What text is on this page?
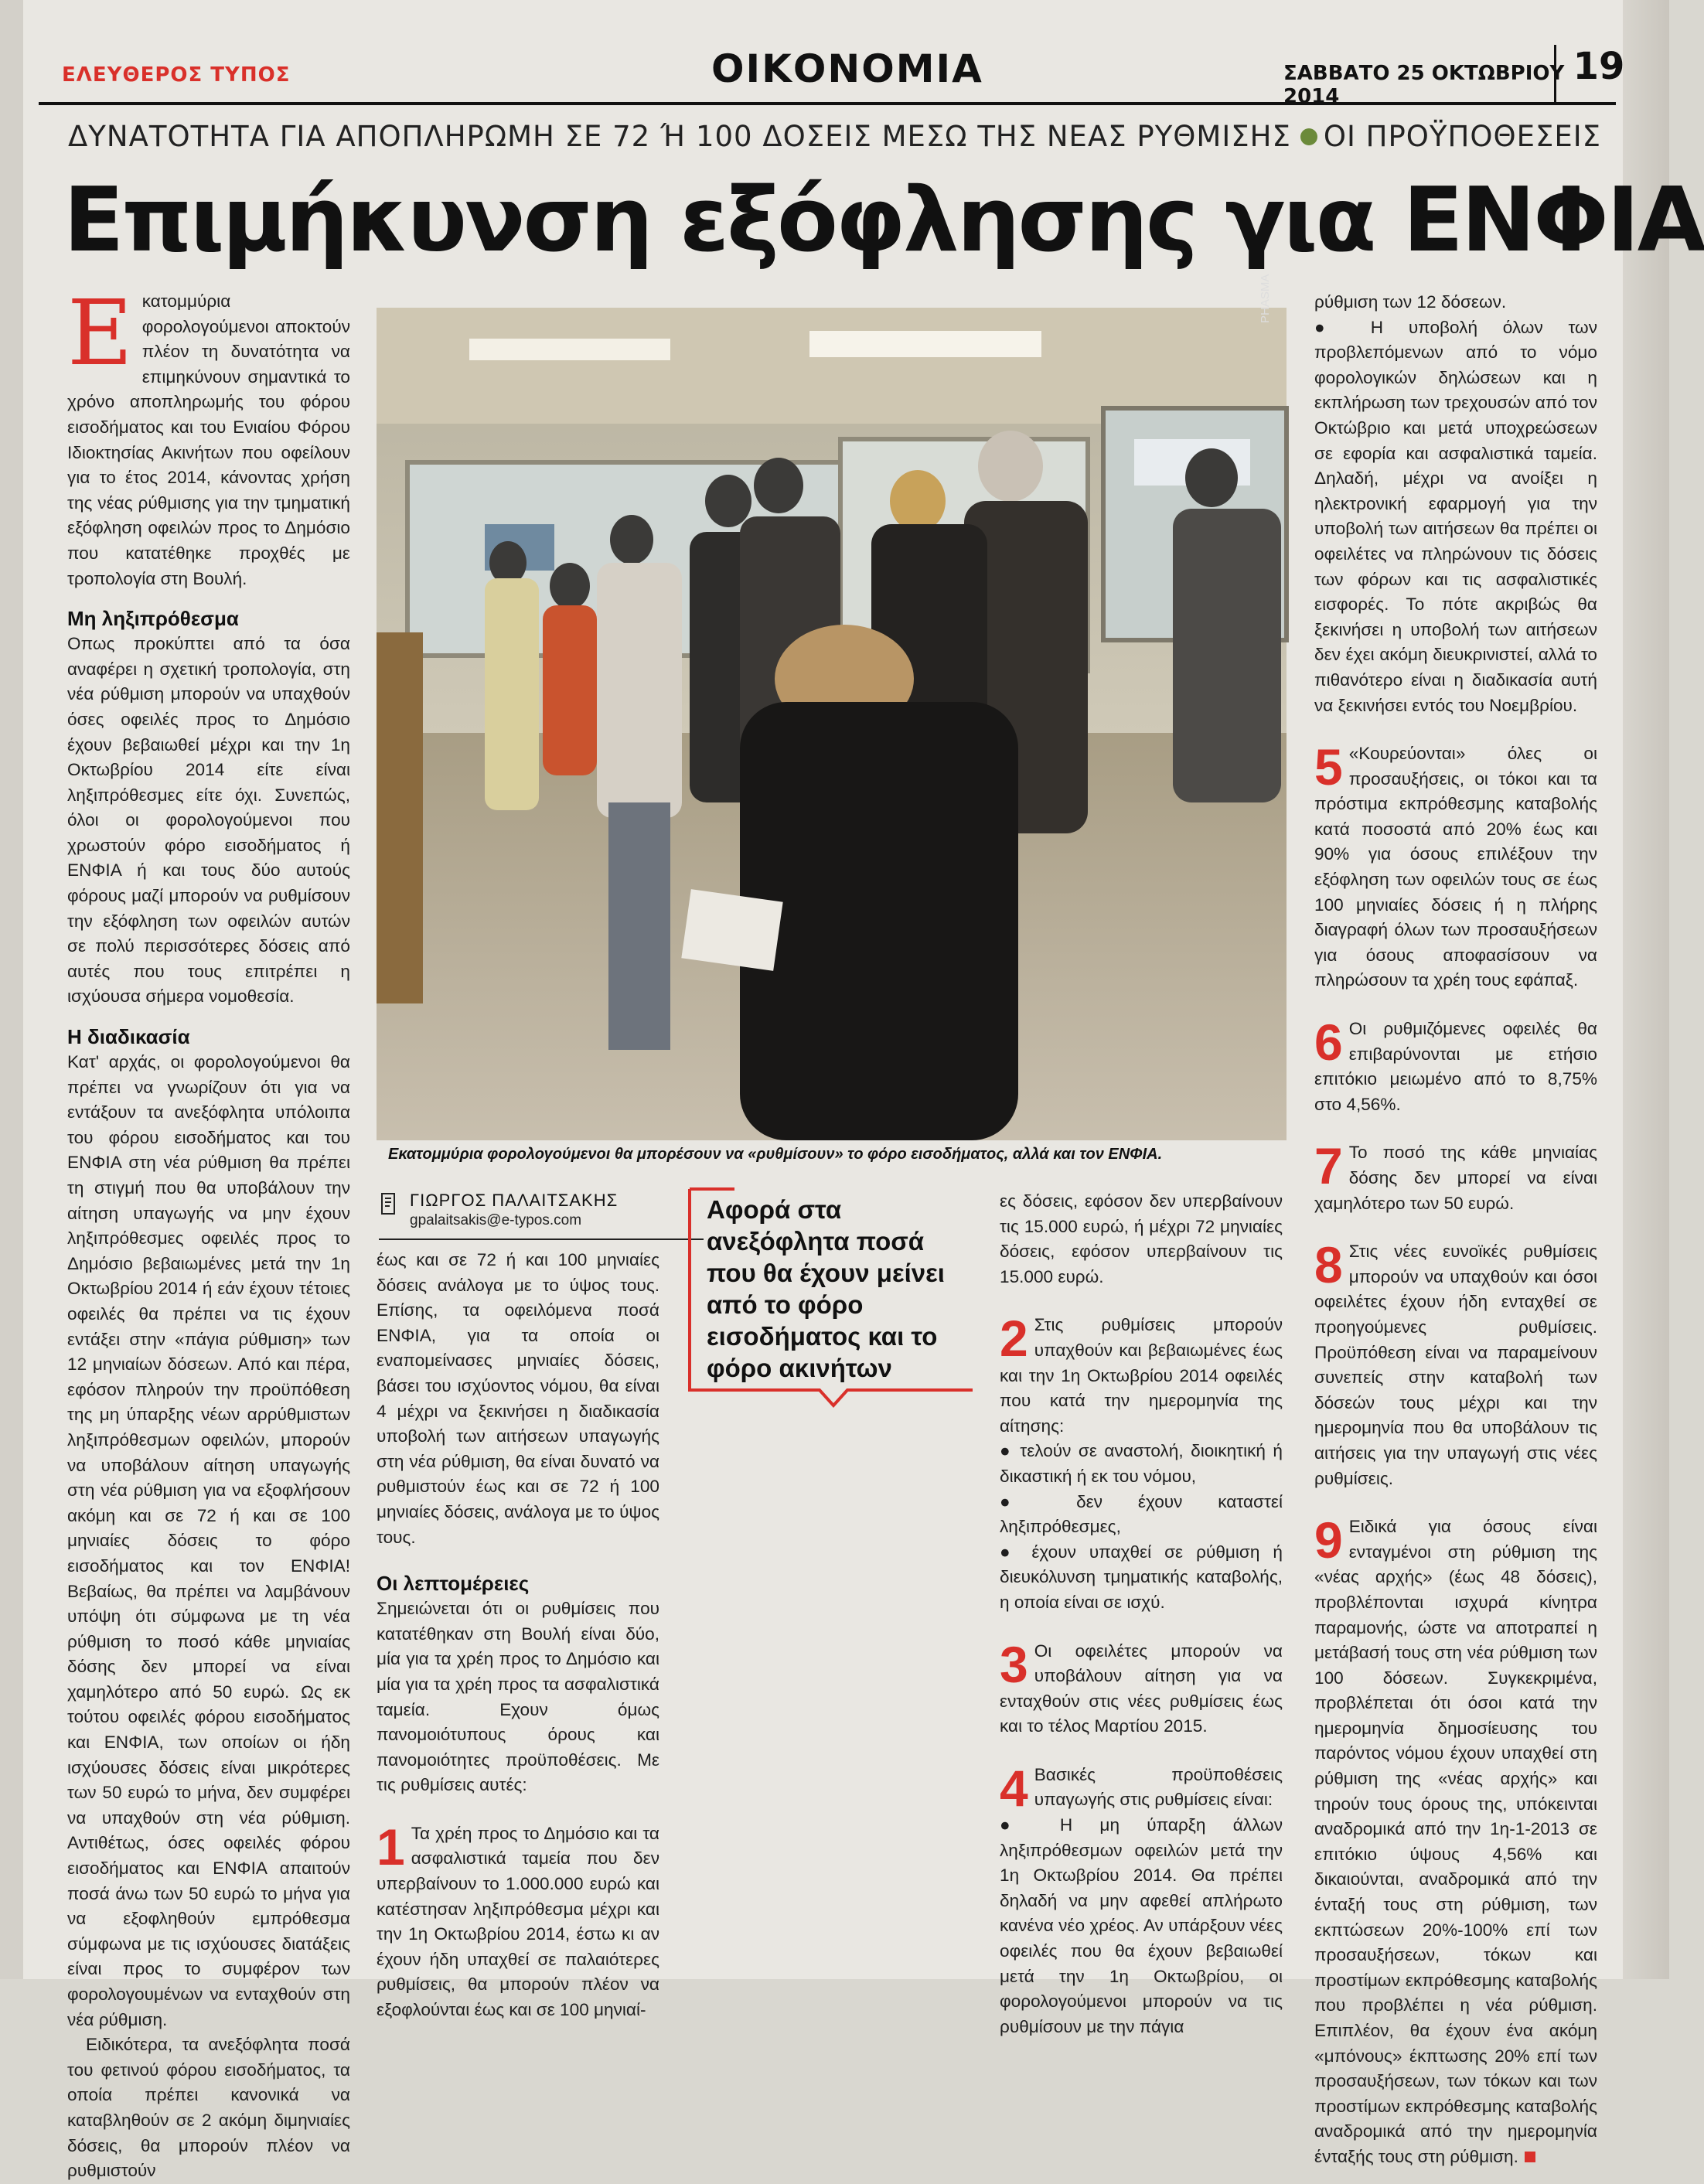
ΕΛΕΥΘΕΡΟΣ ΤΥΠΟΣ	ΟΙΚΟΝΟΜΙΑ	ΣΑΒΒΑΤΟ 25 ΟΚΤΩΒΡΙΟΥ 2014
19
ΔΥΝΑΤΟΤΗΤΑ ΓΙΑ ΑΠΟΠΛΗΡΩΜΗ ΣΕ 72 Ή 100 ΔΟΣΕΙΣ ΜΕΣΩ ΤΗΣ ΝΕΑΣ ΡΥΘΜΙΣΗΣ ΟΙ ΠΡΟΫΠΟΘΕΣΕΙΣ
Επιμήκυνση εξόφλησης για ΕΝΦΙΑ

Εκατομμύρια φορολογούμενοι αποκτούν πλέον τη δυνατότητα να επιμηκύνουν σημαντικά το χρόνο αποπληρωμής του φόρου εισοδήματος και του Ενιαίου Φόρου Ιδιοκτησίας Ακινήτων που οφείλουν για το έτος 2014, κάνοντας χρήση της νέας ρύθμισης για την τμηματική εξόφληση οφειλών προς το Δημόσιο που κατατέθηκε προχθές με τροπολογία στη Βουλή.

Μη ληξιπρόθεσμα

Οπως προκύπτει από τα όσα αναφέρει η σχετική τροπολογία, στη νέα ρύθμιση μπορούν να υπαχθούν όσες οφειλές προς το Δημόσιο έχουν βεβαιωθεί μέχρι και την 1η Οκτωβρίου 2014 είτε είναι ληξιπρόθεσμες είτε όχι. Συνεπώς, όλοι οι φορολογούμενοι που χρωστούν φόρο εισοδήματος ή ΕΝΦΙΑ ή και τους δύο αυτούς φόρους μαζί μπορούν να ρυθμίσουν την εξόφληση των οφειλών αυτών σε πολύ περισσότερες δόσεις από αυτές που τους επιτρέπει η ισχύουσα σήμερα νομοθεσία.

Η διαδικασία

Κατ' αρχάς, οι φορολογούμενοι θα πρέπει να γνωρίζουν ότι για να εντάξουν τα ανεξόφλητα υπόλοιπα του φόρου εισοδήματος και του ΕΝΦΙΑ στη νέα ρύθμιση θα πρέπει τη στιγμή που θα υποβάλουν την αίτηση υπαγωγής να μην έχουν ληξιπρόθεσμες οφειλές προς το Δημόσιο βεβαιωμένες μετά την 1η Οκτωβρίου 2014 ή εάν έχουν τέτοιες οφειλές θα πρέπει να τις έχουν εντάξει στην «πάγια ρύθμιση» των 12 μηνιαίων δόσεων. Από και πέρα, εφόσον πληρούν την προϋπόθεση της μη ύπαρξης νέων αρρύθμιστων ληξιπρόθεσμων οφειλών, μπορούν να υποβάλουν αίτηση υπαγωγής στη νέα ρύθμιση για να εξοφλήσουν ακόμη και σε 72 ή και σε 100 μηνιαίες δόσεις το φόρο εισοδήματος και τον ΕΝΦΙΑ! Βεβαίως, θα πρέπει να λαμβάνουν υπόψη ότι σύμφωνα με τη νέα ρύθμιση το ποσό κάθε μηνιαίας δόσης δεν μπορεί να είναι χαμηλότερο από 50 ευρώ. Ως εκ τούτου οφειλές φόρου εισοδήματος και ΕΝΦΙΑ, των οποίων οι ήδη ισχύουσες δόσεις είναι μικρότερες των 50 ευρώ το μήνα, δεν συμφέρει να υπαχθούν στη νέα ρύθμιση. Αντιθέτως, όσες οφειλές φόρου εισοδήματος και ΕΝΦΙΑ απαιτούν ποσά άνω των 50 ευρώ το μήνα για να εξοφληθούν εμπρόθεσμα σύμφωνα με τις ισχύουσες διατάξεις είναι προς το συμφέρον των φορολογουμένων να ενταχθούν στη νέα ρύθμιση.

Ειδικότερα, τα ανεξόφλητα ποσά του φετινού φόρου εισοδήματος, τα οποία πρέπει κανονικά να καταβληθούν σε 2 ακόμη διμηνιαίες δόσεις, θα μπορούν πλέον να ρυθμιστούν

PHASMA
Εκατομμύρια φορολογούμενοι θα μπορέσουν να «ρυθμίσουν» το φόρο εισοδήματος, αλλά και τον ΕΝΦΙΑ.
ΓΙΩΡΓΟΣ ΠΑΛΑΙΤΣΑΚΗΣ
gpalaitsakis@e-typos.com

έως και σε 72 ή και 100 μηνιαίες δόσεις ανάλογα με το ύψος τους. Επίσης, τα οφειλόμενα ποσά ΕΝΦΙΑ, για τα οποία οι εναπομείνασες μηνιαίες δόσεις, βάσει του ισχύοντος νόμου, θα είναι 4 μέχρι να ξεκινήσει η διαδικασία υποβολή των αιτήσεων υπαγωγής στη νέα ρύθμιση, θα είναι δυνατό να ρυθμιστούν έως και σε 72 ή 100 μηνιαίες δόσεις, ανάλογα με το ύψος τους.

Οι λεπτομέρειες

Σημειώνεται ότι οι ρυθμίσεις που κατατέθηκαν στη Βουλή είναι δύο, μία για τα χρέη προς το Δημόσιο και μία για τα χρέη προς τα ασφαλιστικά ταμεία. Εχουν όμως πανομοιότυπους όρους και πανομοιότητες προϋποθέσεις. Με τις ρυθμίσεις αυτές:

1 Τα χρέη προς το Δημόσιο και τα ασφαλιστικά ταμεία που δεν υπερβαίνουν το 1.000.000 ευρώ και κατέστησαν ληξιπρόθεσμα μέχρι και την 1η Οκτωβρίου 2014, έστω κι αν έχουν ήδη υπαχθεί σε παλαιότερες ρυθμίσεις, θα μπορούν πλέον να εξοφλούνται έως και σε 100 μηνιαί-

Αφορά στα ανεξόφλητα ποσά που θα έχουν μείνει από το φόρο εισοδήματος και το φόρο ακινήτων

ες δόσεις, εφόσον δεν υπερβαίνουν τις 15.000 ευρώ, ή μέχρι 72 μηνιαίες δόσεις, εφόσον υπερβαίνουν τις 15.000 ευρώ.

2 Στις ρυθμίσεις μπορούν υπαχθούν και βεβαιωμένες έως και την 1η Οκτωβρίου 2014 οφειλές που κατά την ημερομηνία της αίτησης:

● τελούν σε αναστολή, διοικητική ή δικαστική ή εκ του νόμου,

● δεν έχουν καταστεί ληξιπρόθεσμες,

● έχουν υπαχθεί σε ρύθμιση ή διευκόλυνση τμηματικής καταβολής, η οποία είναι σε ισχύ.

3 Οι οφειλέτες μπορούν να υποβάλουν αίτηση για να ενταχθούν στις νέες ρυθμίσεις έως και το τέλος Μαρτίου 2015.

4 Βασικές προϋποθέσεις υπαγωγής στις ρυθμίσεις είναι:

● Η μη ύπαρξη άλλων ληξιπρόθεσμων οφειλών μετά την 1η Οκτωβρίου 2014. Θα πρέπει δηλαδή να μην αφεθεί απλήρωτο κανένα νέο χρέος. Αν υπάρξουν νέες οφειλές που θα έχουν βεβαιωθεί μετά την 1η Οκτωβρίου, οι φορολογούμενοι μπορούν να τις ρυθμίσουν με την πάγια

ρύθμιση των 12 δόσεων.

● Η υποβολή όλων των προβλεπόμενων από το νόμο φορολογικών δηλώσεων και η εκπλήρωση των τρεχουσών από τον Οκτώβριο και μετά υποχρεώσεων σε εφορία και ασφαλιστικά ταμεία. Δηλαδή, μέχρι να ανοίξει η ηλεκτρονική εφαρμογή για την υποβολή των αιτήσεων θα πρέπει οι οφειλέτες να πληρώνουν τις δόσεις των φόρων και τις ασφαλιστικές εισφορές. Το πότε ακριβώς θα ξεκινήσει η υποβολή των αιτήσεων δεν έχει ακόμη διευκρινιστεί, αλλά το πιθανότερο είναι η διαδικασία αυτή να ξεκινήσει εντός του Νοεμβρίου.

5 «Κουρεύονται» όλες οι προσαυξήσεις, οι τόκοι και τα πρόστιμα εκπρόθεσμης καταβολής κατά ποσοστά από 20% έως και 90% για όσους επιλέξουν την εξόφληση των οφειλών τους σε έως 100 μηνιαίες δόσεις ή η πλήρης διαγραφή όλων των προσαυξήσεων για όσους αποφασίσουν να πληρώσουν τα χρέη τους εφάπαξ.

6 Οι ρυθμιζόμενες οφειλές θα επιβαρύνονται με ετήσιο επιτόκιο μειωμένο από το 8,75% στο 4,56%.

7 Το ποσό της κάθε μηνιαίας δόσης δεν μπορεί να είναι χαμηλότερο των 50 ευρώ.

8 Στις νέες ευνοϊκές ρυθμίσεις μπορούν να υπαχθούν και όσοι οφειλέτες έχουν ήδη ενταχθεί σε προηγούμενες ρυθμίσεις. Προϋπόθεση είναι να παραμείνουν συνεπείς στην καταβολή των δόσεών τους μέχρι και την ημερομηνία που θα υποβάλουν τις αιτήσεις για την υπαγωγή στις νέες ρυθμίσεις.

9 Ειδικά για όσους είναι ενταγμένοι στη ρύθμιση της «νέας αρχής» (έως 48 δόσεις), προβλέπονται ισχυρά κίνητρα παραμονής, ώστε να αποτραπεί η μετάβασή τους στη νέα ρύθμιση των 100 δόσεων. Συγκεκριμένα, προβλέπεται ότι όσοι κατά την ημερομηνία δημοσίευσης του παρόντος νόμου έχουν υπαχθεί στη ρύθμιση της «νέας αρχής» και τηρούν τους όρους της, υπόκεινται αναδρομικά από την 1η-1-2013 σε επιτόκιο ύψους 4,56% και δικαιούνται, αναδρομικά από την ένταξή τους στη ρύθμιση, των εκπτώσεων 20%-100% επί των προσαυξήσεων, τόκων και προστίμων εκπρόθεσμης καταβολής που προβλέπει η νέα ρύθμιση. Επιπλέον, θα έχουν ένα ακόμη «μπόνους» έκπτωσης 20% επί των προσαυξήσεων, των τόκων και των προστίμων εκπρόθεσμης καταβολής αναδρομικά από την ημερομηνία ένταξής τους στη ρύθμιση.
